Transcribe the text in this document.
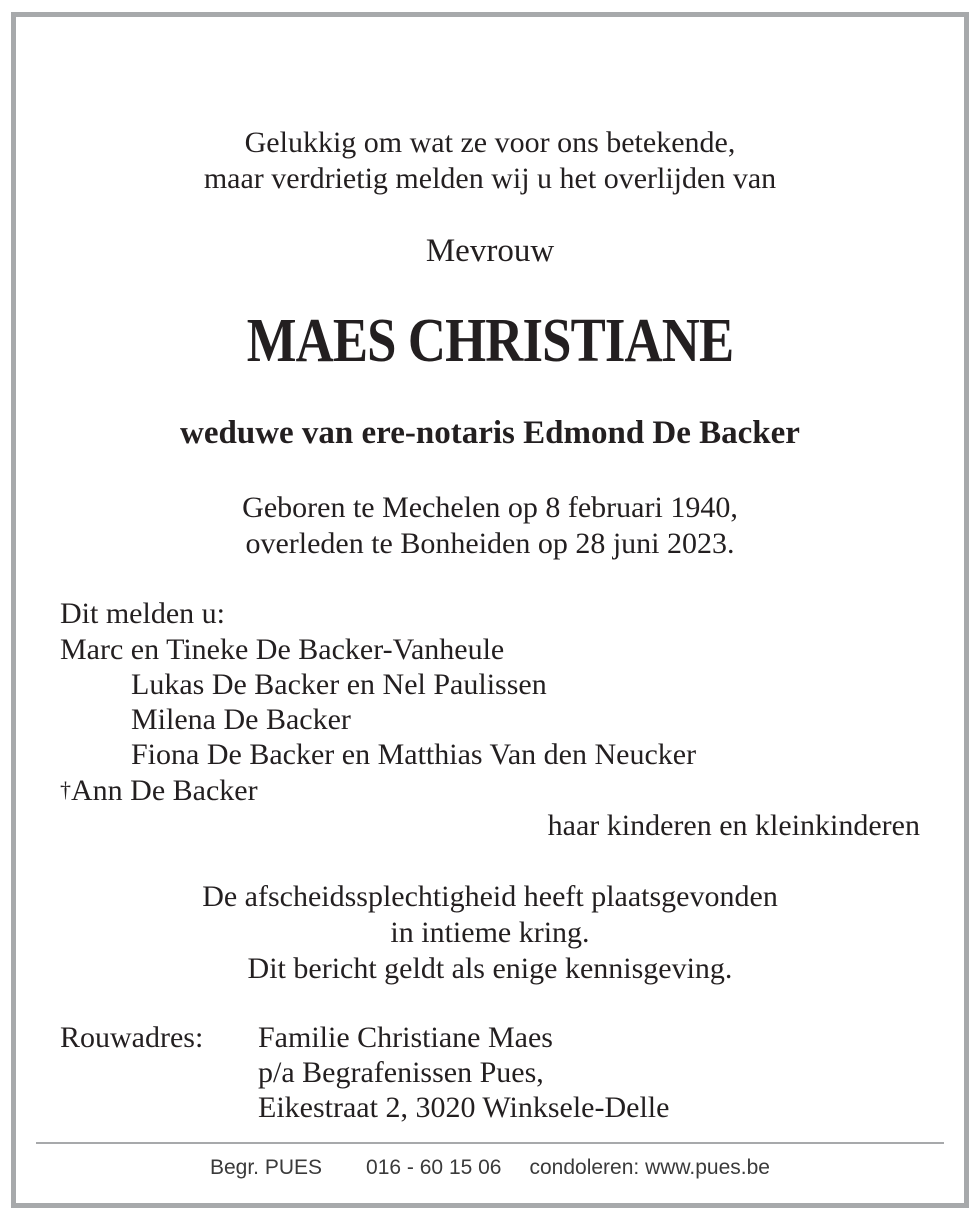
Gelukkig om wat ze voor ons betekende,
maar verdrietig melden wij u het overlijden van
Mevrouw
MAES CHRISTIANE
weduwe van ere-notaris Edmond De Backer
Geboren te Mechelen op 8 februari 1940,
overleden te Bonheiden op 28 juni 2023.
Dit melden u:
Marc en Tineke De Backer-Vanheule
Lukas De Backer en Nel Paulissen
Milena De Backer
Fiona De Backer en Matthias Van den Neucker
†Ann De Backer
haar kinderen en kleinkinderen
De afscheidssplechtigheid heeft plaatsgevonden
in intieme kring.
Dit bericht geldt als enige kennisgeving.
Rouwadres: Familie Christiane Maes
p/a Begrafenissen Pues,
Eikestraat 2, 3020 Winksele-Delle
Begr. PUES 016 - 60 15 06 condoleren: www.pues.be
